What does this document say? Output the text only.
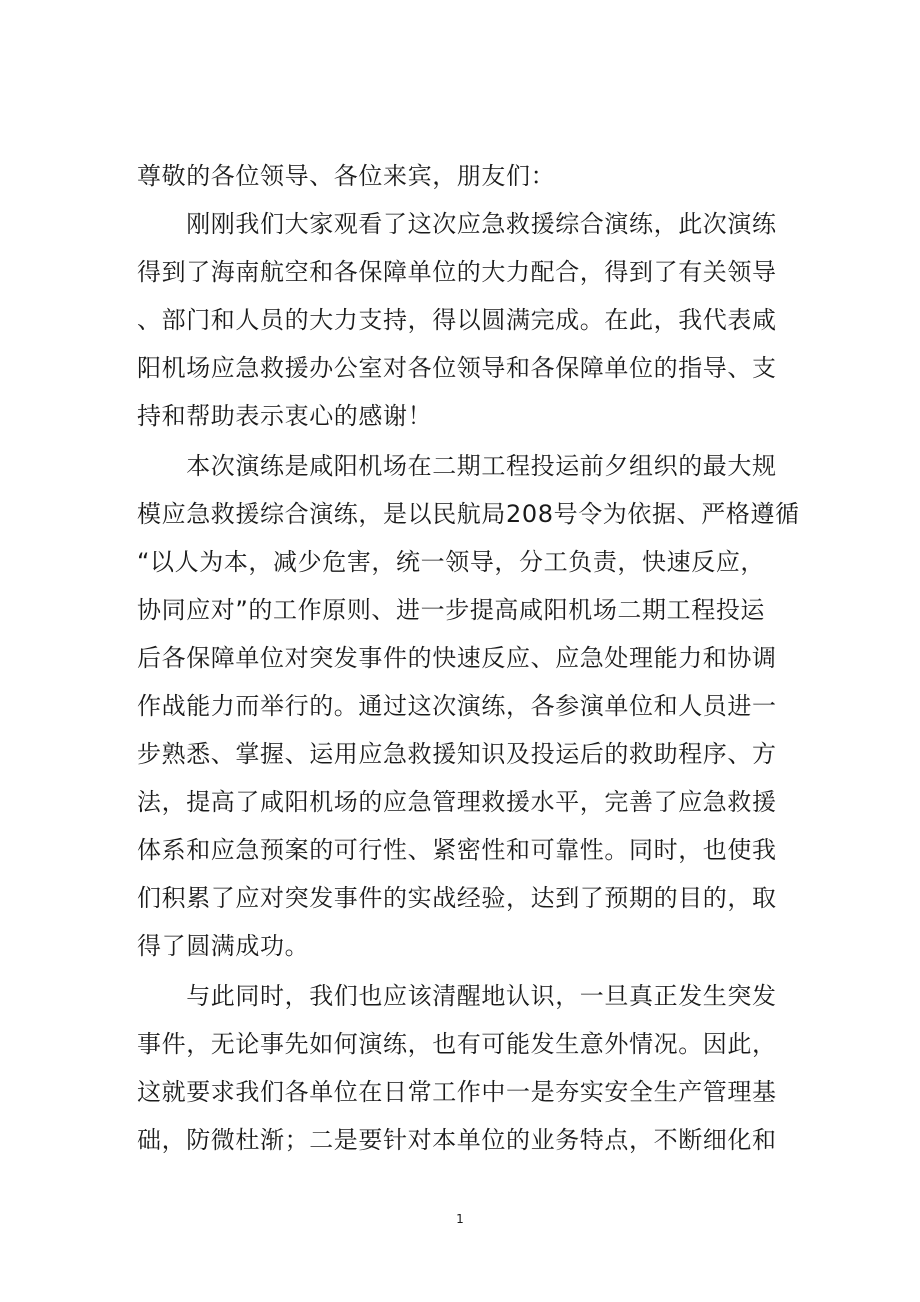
尊敬的各位领导、各位来宾，朋友们：
　　刚刚我们大家观看了这次应急救援综合演练，此次演练
得到了海南航空和各保障单位的大力配合，得到了有关领导
、部门和人员的大力支持，得以圆满完成。在此，我代表咸
阳机场应急救援办公室对各位领导和各保障单位的指导、支
持和帮助表示衷心的感谢！
　　本次演练是咸阳机场在二期工程投运前夕组织的最大规
模应急救援综合演练，是以民航局208号令为依据、严格遵循
“以人为本，减少危害，统一领导，分工负责，快速反应，
协同应对”的工作原则、进一步提高咸阳机场二期工程投运
后各保障单位对突发事件的快速反应、应急处理能力和协调
作战能力而举行的。通过这次演练，各参演单位和人员进一
步熟悉、掌握、运用应急救援知识及投运后的救助程序、方
法，提高了咸阳机场的应急管理救援水平，完善了应急救援
体系和应急预案的可行性、紧密性和可靠性。同时，也使我
们积累了应对突发事件的实战经验，达到了预期的目的，取
得了圆满成功。
　　与此同时，我们也应该清醒地认识，一旦真正发生突发
事件，无论事先如何演练，也有可能发生意外情况。因此，
这就要求我们各单位在日常工作中一是夯实安全生产管理基
础，防微杜渐；二是要针对本单位的业务特点，不断细化和
1
